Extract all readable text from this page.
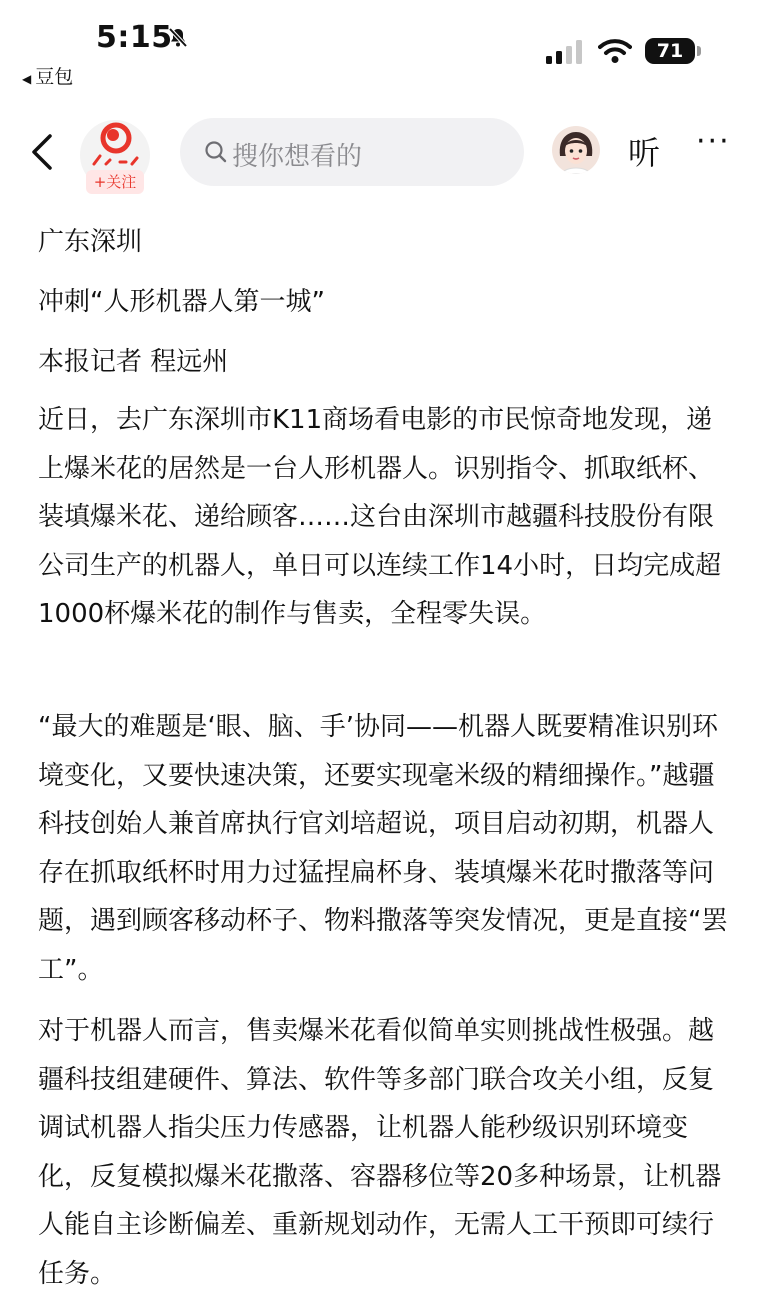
5:15
◀ 豆包
71
+关注
搜你想看的	听 ···

广东深圳

冲刺“人形机器人第一城”

本报记者 程远州

近日，去广东深圳市K11商场看电影的市民惊奇地发现，递上爆米花的居然是一台人形机器人。识别指令、抓取纸杯、装填爆米花、递给顾客……这台由深圳市越疆科技股份有限公司生产的机器人，单日可以连续工作14小时，日均完成超1000杯爆米花的制作与售卖，全程零失误。

“最大的难题是‘眼、脑、手’协同——机器人既要精准识别环境变化，又要快速决策，还要实现毫米级的精细操作。”越疆科技创始人兼首席执行官刘培超说，项目启动初期，机器人存在抓取纸杯时用力过猛捏扁杯身、装填爆米花时撒落等问题，遇到顾客移动杯子、物料撒落等突发情况，更是直接“罢工”。

对于机器人而言，售卖爆米花看似简单实则挑战性极强。越疆科技组建硬件、算法、软件等多部门联合攻关小组，反复调试机器人指尖压力传感器，让机器人能秒级识别环境变化，反复模拟爆米花撒落、容器移位等20多种场景，让机器人能自主诊断偏差、重新规划动作，无需人工干预即可续行任务。
